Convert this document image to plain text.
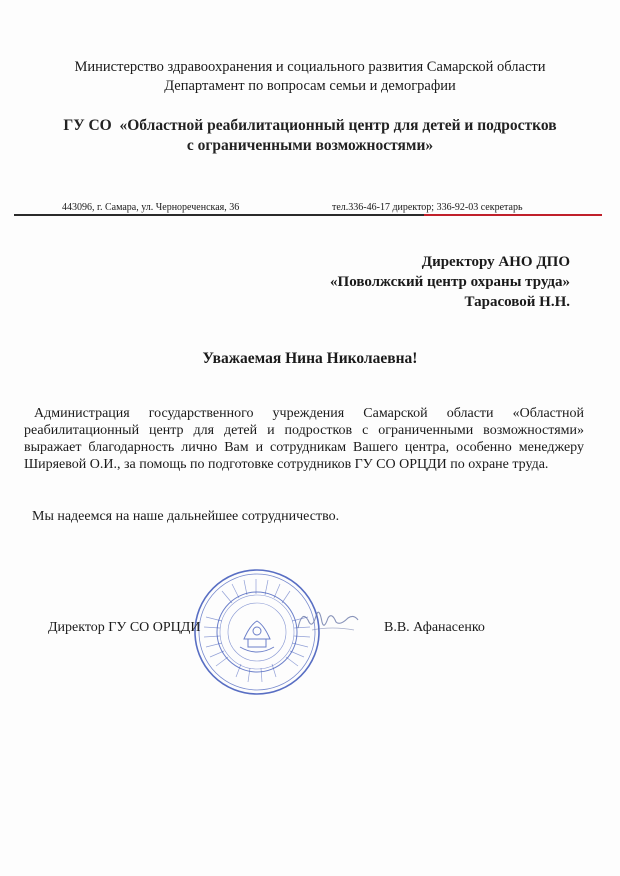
Министерство здравоохранения и социального развития Самарской области
Департамент по вопросам семьи и демографии
ГУ СО  «Областной реабилитационный центр для детей и подростков
с ограниченными возможностями»
443096, г. Самара, ул. Чернореченская, 36	тел.336-46-17 директор; 336-92-03 секретарь
Директору АНО ДПО
«Поволжский центр охраны труда»
Тарасовой Н.Н.
Уважаемая Нина Николаевна!
Администрация государственного учреждения Самарской области «Областной реабилитационный центр для детей и подростков с ограниченными возможностями» выражает благодарность лично Вам и сотрудникам Вашего центра, особенно менеджеру Ширяевой О.И., за помощь по подготовке сотрудников ГУ СО ОРЦДИ по охране труда.
Мы надеемся на наше дальнейшее сотрудничество.
Директор ГУ СО ОРЦДИ	В.В. Афанасенко
